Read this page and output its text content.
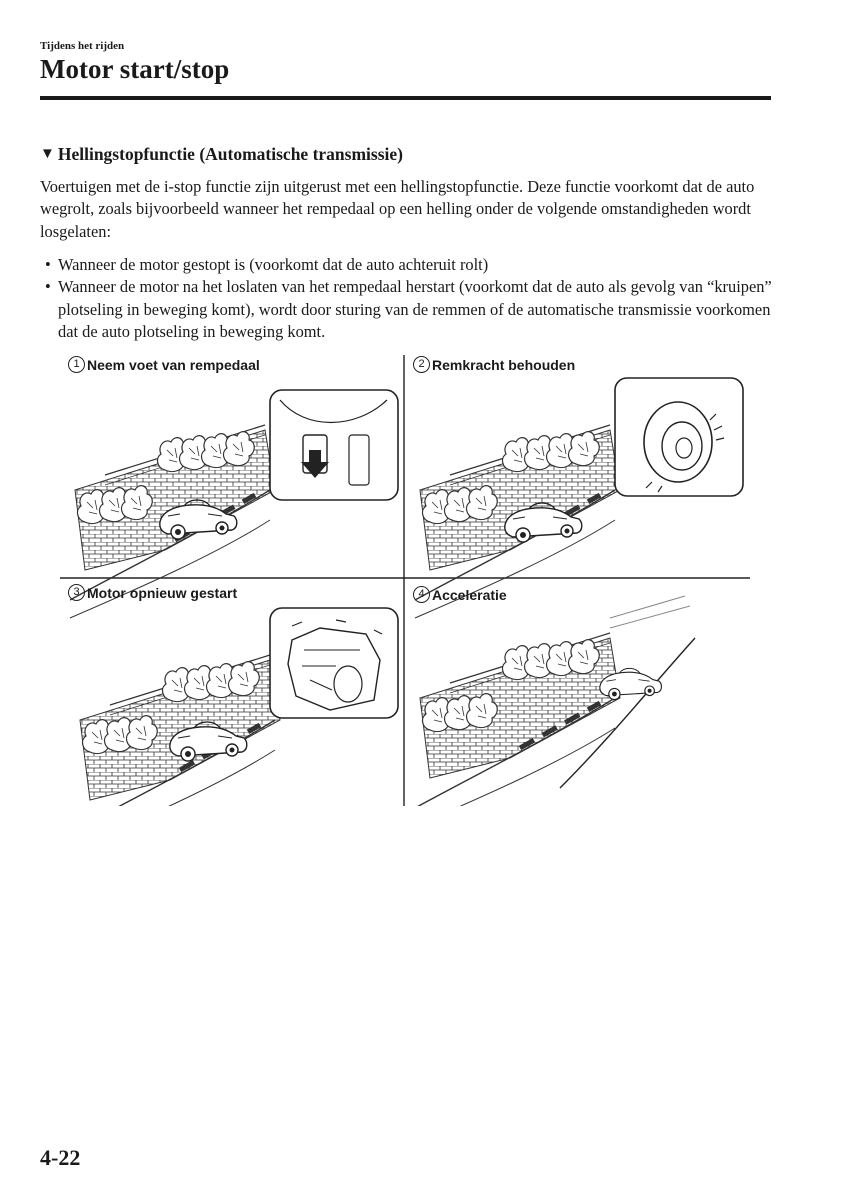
Tijdens het rijden
Motor start/stop
▼ Hellingstopfunctie (Automatische transmissie)

Voertuigen met de i-stop functie zijn uitgerust met een hellingstopfunctie. Deze functie voorkomt dat de auto wegrolt, zoals bijvoorbeeld wanneer het rempedaal op een helling onder de volgende omstandigheden wordt losgelaten:

• Wanneer de motor gestopt is (voorkomt dat de auto achteruit rolt)
• Wanneer de motor na het loslaten van het rempedaal herstart (voorkomt dat de auto als gevolg van “kruipen” plotseling in beweging komt), wordt door sturing van de remmen of de automatische transmissie voorkomen dat de auto plotseling in beweging komt.
1 Neem voet van rempedaal	2 Remkracht behouden
3 Motor opnieuw gestart	4 Acceleratie
4-22
